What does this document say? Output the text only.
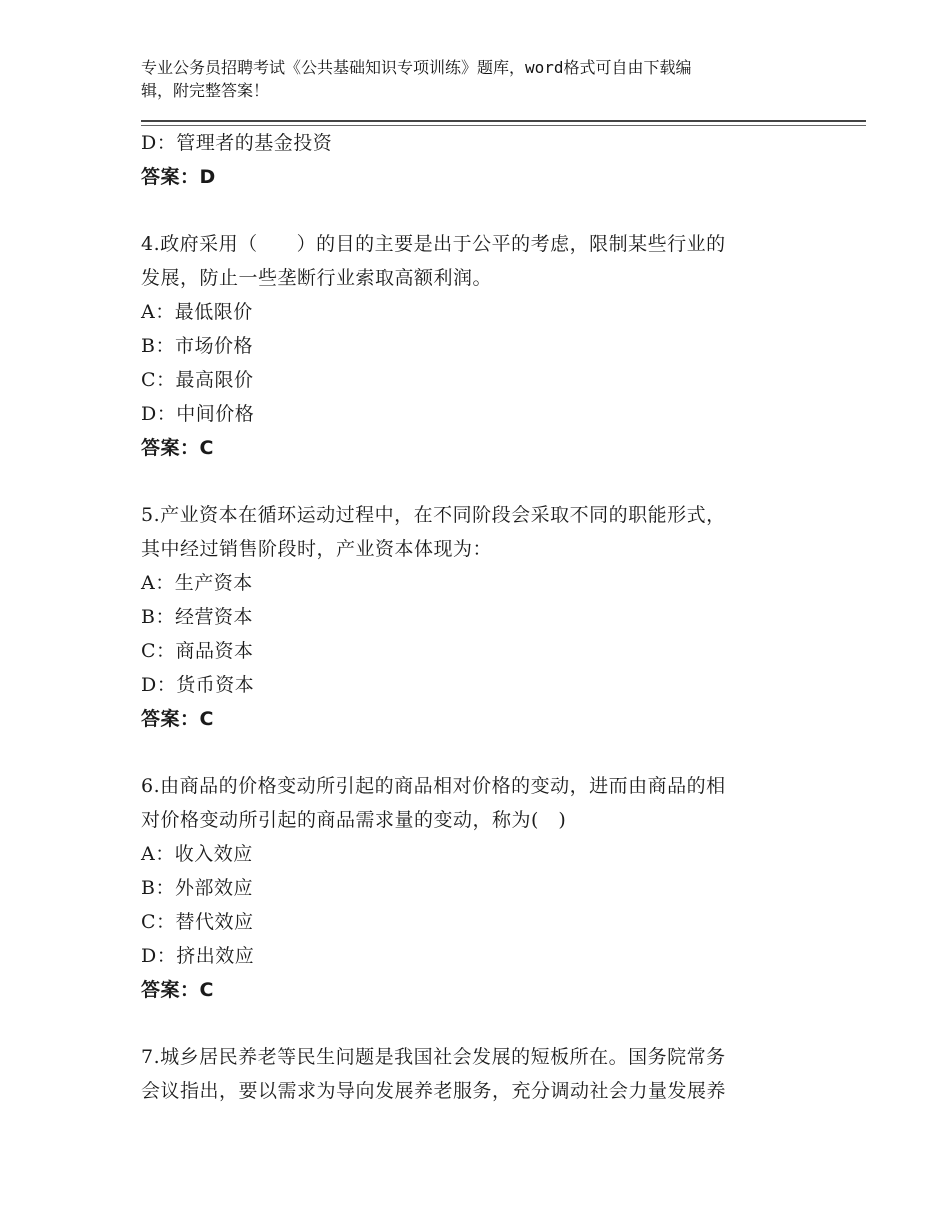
专业公务员招聘考试《公共基础知识专项训练》题库，word格式可自由下载编
辑，附完整答案！
D：管理者的基金投资
答案：D
4.政府采用（　　）的目的主要是出于公平的考虑，限制某些行业的
发展，防止一些垄断行业索取高额利润。
A：最低限价
B：市场价格
C：最高限价
D：中间价格
答案：C
5.产业资本在循环运动过程中，在不同阶段会采取不同的职能形式，
其中经过销售阶段时，产业资本体现为：
A：生产资本
B：经营资本
C：商品资本
D：货币资本
答案：C
6.由商品的价格变动所引起的商品相对价格的变动，进而由商品的相
对价格变动所引起的商品需求量的变动，称为(　)
A：收入效应
B：外部效应
C：替代效应
D：挤出效应
答案：C
7.城乡居民养老等民生问题是我国社会发展的短板所在。国务院常务
会议指出，要以需求为导向发展养老服务，充分调动社会力量发展养
